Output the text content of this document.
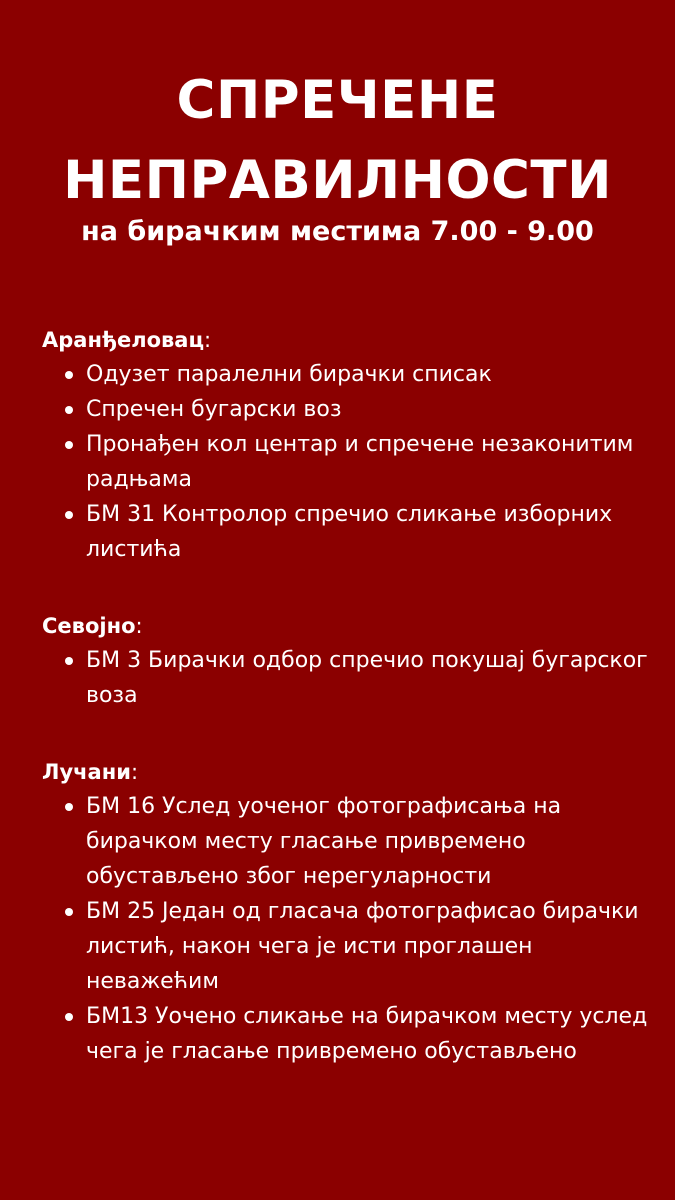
СПРЕЧЕНЕ
НЕПРАВИЛНОСТИ
на бирачким местима 7.00 - 9.00
Аранђеловац:
Одузет паралелни бирачки списак
Спречен бугарски воз
Пронађен кол центар и спречене незаконитим радњама
БМ 31 Контролор спречио сликање изборних листића
Севојно:
БМ 3 Бирачки одбор спречио покушај бугарског воза
Лучани:
БМ 16 Услед уоченог фотографисања на бирачком месту гласање привремено обустављено због нерегуларности
БМ 25 Један од гласача фотографисао бирачки листић, након чега је исти проглашен неважећим
БМ13 Уочено сликање на бирачком месту услед чега је гласање привремено обустављено
